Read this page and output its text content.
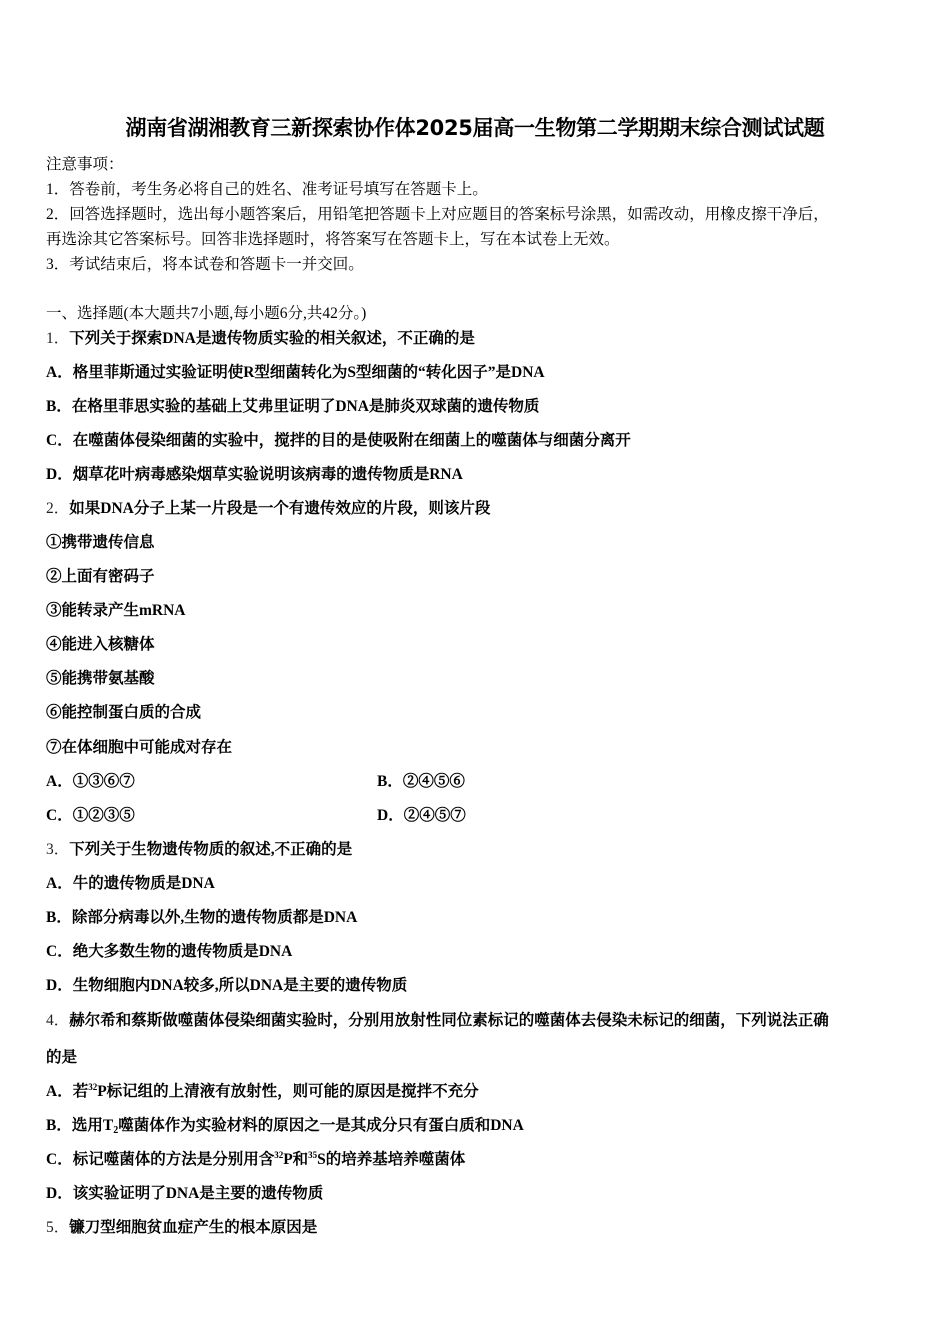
湖南省湖湘教育三新探索协作体2025届高一生物第二学期期末综合测试试题
注意事项：
1．答卷前，考生务必将自己的姓名、准考证号填写在答题卡上。
2．回答选择题时，选出每小题答案后，用铅笔把答题卡上对应题目的答案标号涂黑，如需改动，用橡皮擦干净后，
再选涂其它答案标号。回答非选择题时，将答案写在答题卡上，写在本试卷上无效。
3．考试结束后，将本试卷和答题卡一并交回。
一、选择题(本大题共7小题,每小题6分,共42分。)
1．下列关于探索DNA是遗传物质实验的相关叙述，不正确的是
A．格里菲斯通过实验证明使R型细菌转化为S型细菌的“转化因子”是DNA
B．在格里菲思实验的基础上艾弗里证明了DNA是肺炎双球菌的遗传物质
C．在噬菌体侵染细菌的实验中，搅拌的目的是使吸附在细菌上的噬菌体与细菌分离开
D．烟草花叶病毒感染烟草实验说明该病毒的遗传物质是RNA
2．如果DNA分子上某一片段是一个有遗传效应的片段，则该片段
①携带遗传信息
②上面有密码子
③能转录产生mRNA
④能进入核糖体
⑤能携带氨基酸
⑥能控制蛋白质的合成
⑦在体细胞中可能成对存在
A．①③⑥⑦	B．②④⑤⑥
C．①②③⑤	D．②④⑤⑦
3．下列关于生物遗传物质的叙述,不正确的是
A．牛的遗传物质是DNA
B．除部分病毒以外,生物的遗传物质都是DNA
C．绝大多数生物的遗传物质是DNA
D．生物细胞内DNA较多,所以DNA是主要的遗传物质
4．赫尔希和蔡斯做噬菌体侵染细菌实验时，分别用放射性同位素标记的噬菌体去侵染未标记的细菌，下列说法正确
的是
A．若$^{32}$P标记组的上清液有放射性，则可能的原因是搅拌不充分
B．选用$T_2$噬菌体作为实验材料的原因之一是其成分只有蛋白质和DNA
C．标记噬菌体的方法是分别用含$^{32}$P和$^{35}$S的培养基培养噬菌体
D．该实验证明了DNA是主要的遗传物质
5．镰刀型细胞贫血症产生的根本原因是
